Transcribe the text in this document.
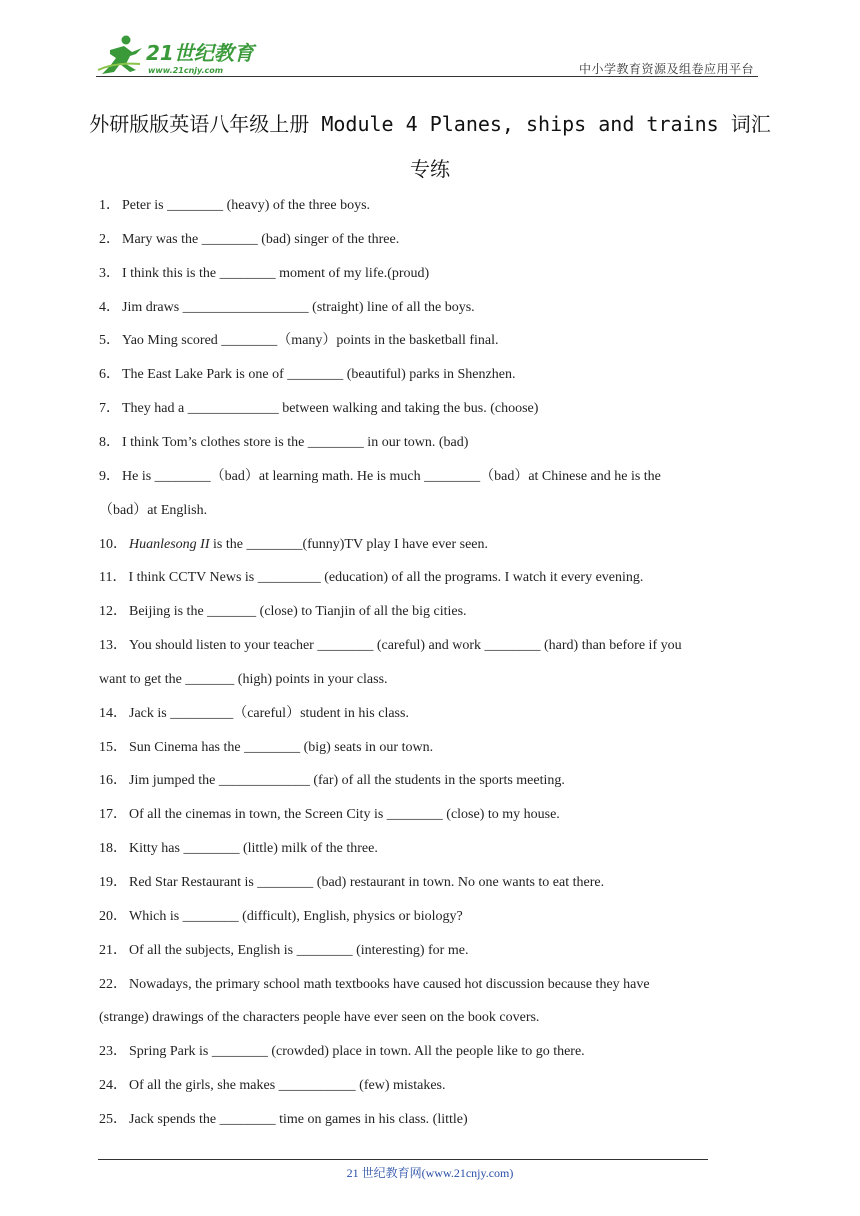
21世纪教育
www.21cnjy.com	中小学教育资源及组卷应用平台
外研版版英语八年级上册 Module 4 Planes, ships and trains 词汇
专练
1． Peter is ________ (heavy) of the three boys.
2． Mary was the ________ (bad) singer of the three.
3． I think this is the ________ moment of my life.(proud)
4． Jim draws __________________ (straight) line of all the boys.
5． Yao Ming scored ________（many）points in the basketball final.
6． The East Lake Park is one of ________ (beautiful) parks in Shenzhen.
7． They had a _____________ between walking and taking the bus. (choose)
8． I think Tom’s clothes store is the ________ in our town. (bad)
9． He is ________（bad）at learning math. He is much ________（bad）at Chinese and he is the
（bad）at English.
10． Huanlesong II is the ________(funny)TV play I have ever seen.
11． I think CCTV News is _________ (education) of all the programs. I watch it every evening.
12． Beijing is the _______ (close) to Tianjin of all the big cities.
13． You should listen to your teacher ________ (careful) and work ________ (hard) than before if you
want to get the _______ (high) points in your class.
14． Jack is _________（careful）student in his class.
15． Sun Cinema has the ________ (big) seats in our town.
16． Jim jumped the _____________ (far) of all the students in the sports meeting.
17． Of all the cinemas in town, the Screen City is ________ (close) to my house.
18． Kitty has ________ (little) milk of the three.
19． Red Star Restaurant is ________ (bad) restaurant in town. No one wants to eat there.
20． Which is ________ (difficult), English, physics or biology?
21． Of all the subjects, English is ________ (interesting) for me.
22． Nowadays, the primary school math textbooks have caused hot discussion because they have
(strange) drawings of the characters people have ever seen on the book covers.
23． Spring Park is ________ (crowded) place in town. All the people like to go there.
24． Of all the girls, she makes ___________ (few) mistakes.
25． Jack spends the ________ time on games in his class. (little)
21 世纪教育网(www.21cnjy.com)
